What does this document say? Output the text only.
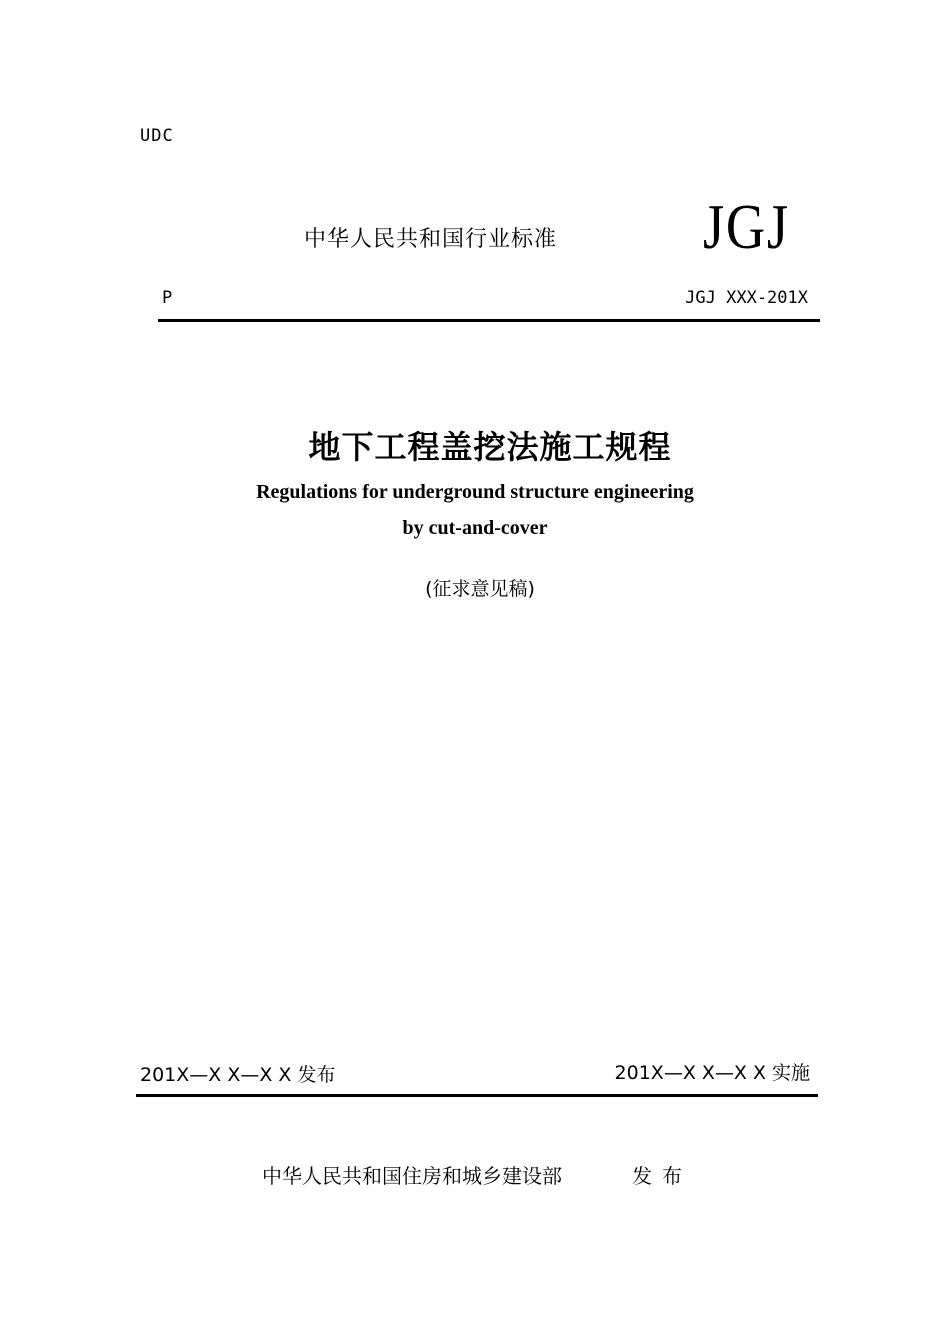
UDC
中华人民共和国行业标准 JGJ
P	JGJ XXX-201X
地下工程盖挖法施工规程
Regulations for underground structure engineering
by cut-and-cover
(征求意见稿)
201X—X X—X X 发布	201X—X X—X X 实施
中华人民共和国住房和城乡建设部	发布
